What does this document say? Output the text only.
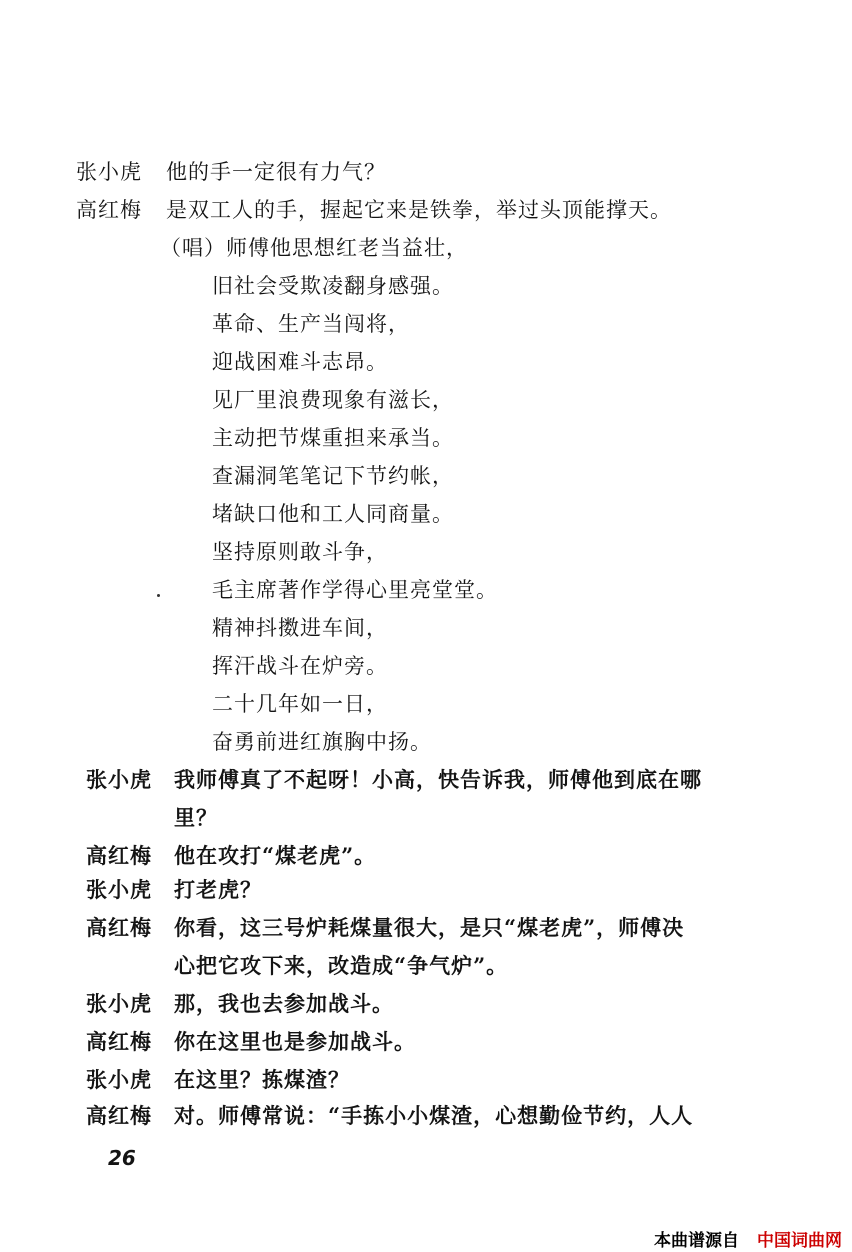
张小虎 他的手一定很有力气？
高红梅 是双工人的手，握起它来是铁拳，举过头顶能撑天。
（唱）师傅他思想红老当益壮，
旧社会受欺凌翻身感强。
革命、生产当闯将，
迎战困难斗志昂。
见厂里浪费现象有滋长，
主动把节煤重担来承当。
查漏洞笔笔记下节约帐，
堵缺口他和工人同商量。
坚持原则敢斗争，
毛主席著作学得心里亮堂堂。
精神抖擞进车间，
挥汗战斗在炉旁。
二十几年如一日，
奋勇前进红旗胸中扬。
张小虎 我师傅真了不起呀！小高，快告诉我，师傅他到底在哪
里？
高红梅 他在攻打“煤老虎”。
张小虎 打老虎？
高红梅 你看，这三号炉耗煤量很大，是只“煤老虎”，师傅决
心把它攻下来，改造成“争气炉”。
张小虎 那，我也去参加战斗。
高红梅 你在这里也是参加战斗。
张小虎 在这里？拣煤渣？
高红梅 对。师傅常说：“手拣小小煤渣，心想勤俭节约，人人
26
本曲谱源自 中国词曲网
